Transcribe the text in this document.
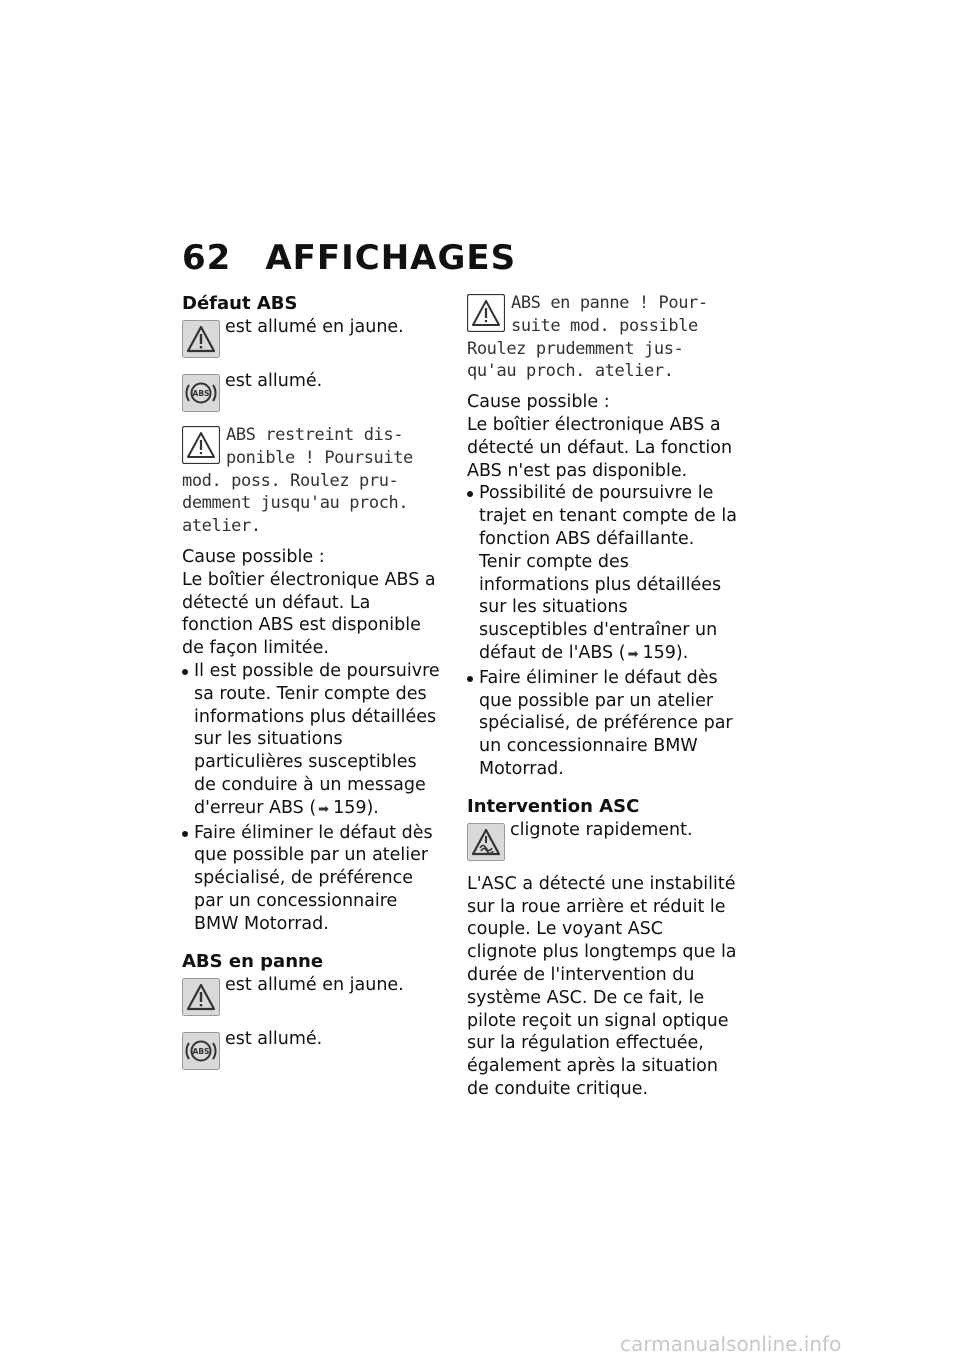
62 AFFICHAGES
Défaut ABS
est allumé en jaune.
ABS
est allumé.
ABS restreint dis-
ponible ! Poursuite
mod. poss. Roulez pru-
demment jusqu'au proch.
atelier.

Cause possible :

Le boîtier électronique ABS a détecté un défaut. La fonction ABS est disponible de façon limitée.

Il est possible de poursuivre sa route. Tenir compte des informations plus détaillées sur les situations particulières susceptibles de conduire à un message d'erreur ABS ( ➡ 159).
Faire éliminer le défaut dès que possible par un atelier spécialisé, de préférence par un concessionnaire BMW Motorrad.
ABS en panne
est allumé en jaune.
ABS
est allumé.
ABS en panne ! Pour-
suite mod. possible
Roulez prudemment jus-
qu'au proch. atelier.

Cause possible :

Le boîtier électronique ABS a détecté un défaut. La fonction ABS n'est pas disponible.

Possibilité de poursuivre le trajet en tenant compte de la fonction ABS défaillante. Tenir compte des informations plus détaillées sur les situations susceptibles d'entraîner un défaut de l'ABS ( ➡ 159).
Faire éliminer le défaut dès que possible par un atelier spécialisé, de préférence par un concessionnaire BMW Motorrad.
Intervention ASC
clignote rapidement.

L'ASC a détecté une instabilité sur la roue arrière et réduit le couple. Le voyant ASC clignote plus longtemps que la durée de l'intervention du système ASC. De ce fait, le pilote reçoit un signal optique sur la régulation effectuée, également après la situation de conduite critique.

carmanualsonline.info
